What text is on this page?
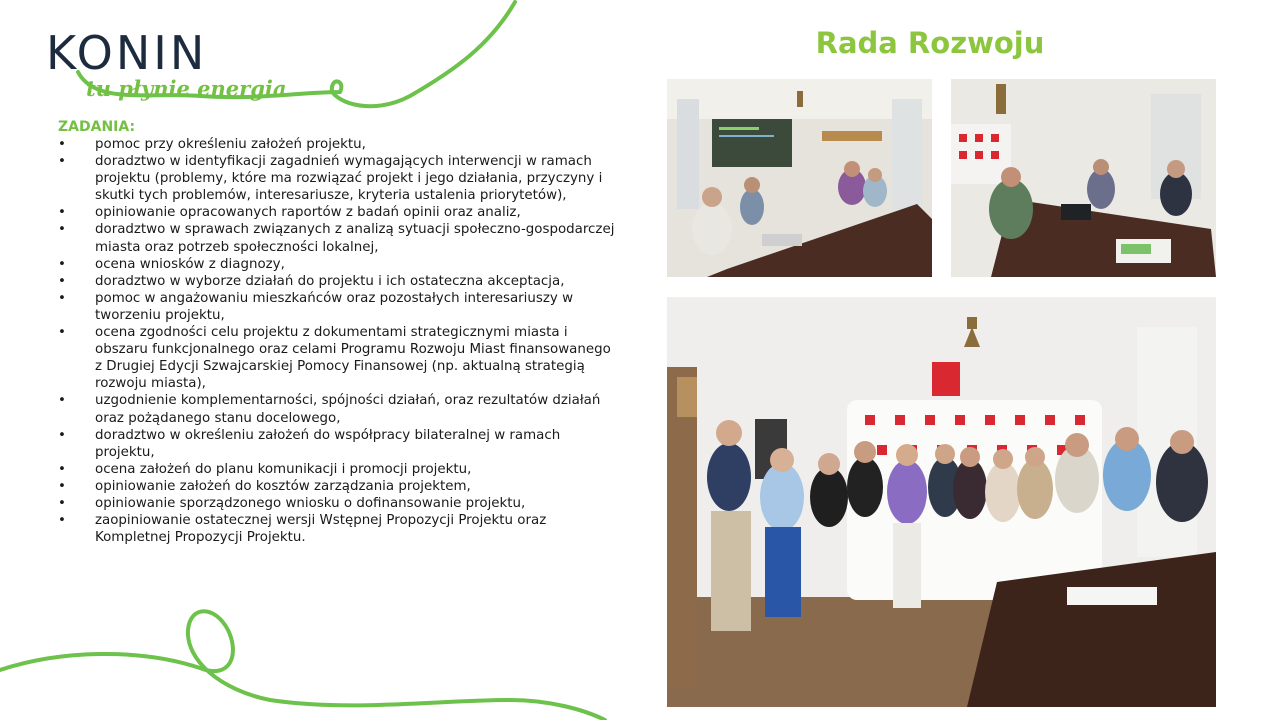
KONIN
tu płynie energia
Rada Rozwoju
ZADANIA:
• pomoc przy określeniu założeń projektu,
• doradztwo w identyfikacji zagadnień wymagających interwencji w ramach projektu (problemy, które ma rozwiązać projekt i jego działania, przyczyny i skutki tych problemów, interesariusze, kryteria ustalenia priorytetów),
• opiniowanie opracowanych raportów z badań opinii oraz analiz,
• doradztwo w sprawach związanych z analizą sytuacji społeczno-gospodarczej miasta oraz potrzeb społeczności lokalnej,
• ocena wniosków z diagnozy,
• doradztwo w wyborze działań do projektu i ich ostateczna akceptacja,
• pomoc w angażowaniu mieszkańców oraz pozostałych interesariuszy w tworzeniu projektu,
• ocena zgodności celu projektu z dokumentami strategicznymi miasta i obszaru funkcjonalnego oraz celami Programu Rozwoju Miast finansowanego z Drugiej Edycji Szwajcarskiej Pomocy Finansowej (np. aktualną strategią rozwoju miasta),
• uzgodnienie komplementarności, spójności działań, oraz rezultatów działań oraz pożądanego stanu docelowego,
• doradztwo w określeniu założeń do współpracy bilateralnej w ramach projektu,
• ocena założeń do planu komunikacji i promocji projektu,
• opiniowanie założeń do kosztów zarządzania projektem,
• opiniowanie sporządzonego wniosku o dofinansowanie projektu,
• zaopiniowanie ostatecznej wersji Wstępnej Propozycji Projektu oraz Kompletnej Propozycji Projektu.
